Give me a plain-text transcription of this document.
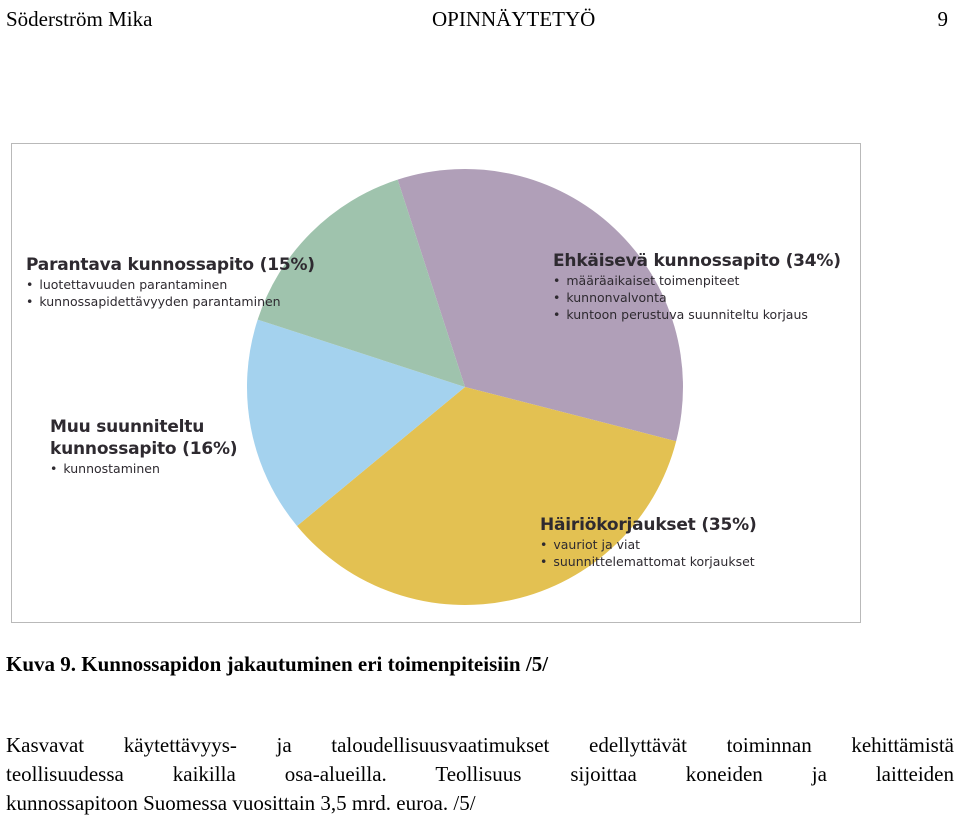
Söderström Mika	OPINNÄYTETYÖ	9
Ehkäisevä kunnossapito (34%)
• määräaikaiset toimenpiteet
• kunnonvalvonta
• kuntoon perustuva suunniteltu korjaus
Parantava kunnossapito (15%)
• luotettavuuden parantaminen
• kunnossapidettävyyden parantaminen
Muu suunniteltu
kunnossapito (16%)
• kunnostaminen
Häiriökorjaukset (35%)
• vauriot ja viat
• suunnittelemattomat korjaukset
Kuva 9. Kunnossapidon jakautuminen eri toimenpiteisiin /5/
Kasvavat käytettävyys- ja taloudellisuusvaatimukset edellyttävät toiminnan kehittämistä
teollisuudessa kaikilla osa-alueilla. Teollisuus sijoittaa koneiden ja laitteiden
kunnossapitoon Suomessa vuosittain 3,5 mrd. euroa. /5/
